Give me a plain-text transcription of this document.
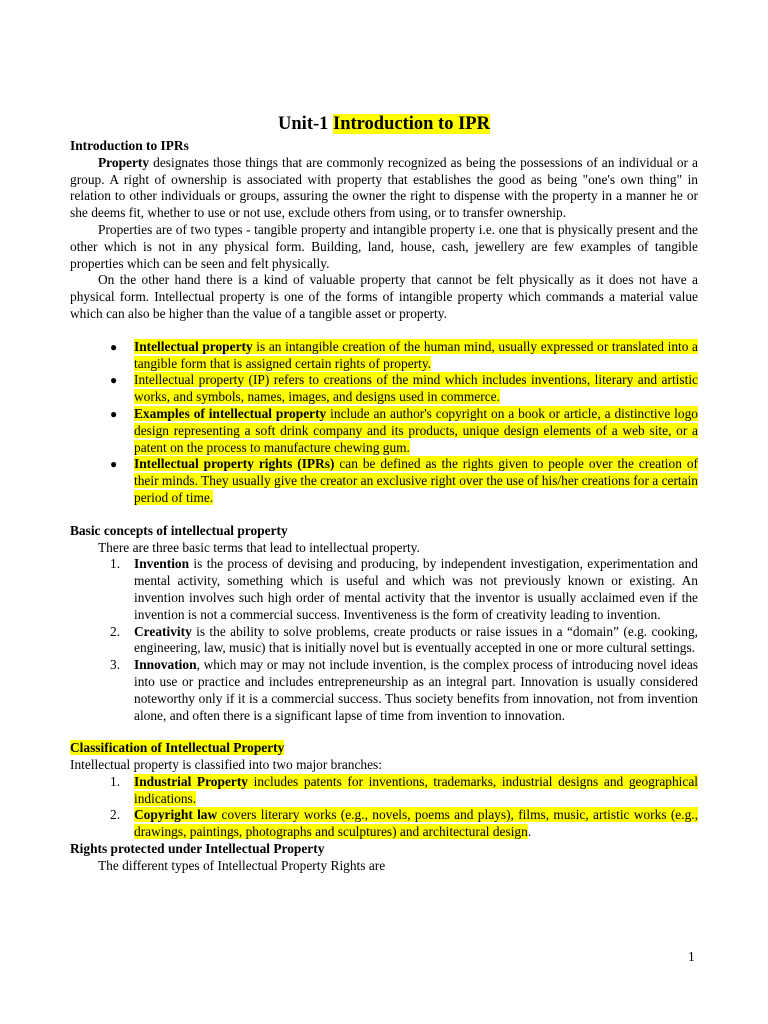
Unit-1 Introduction to IPR

Introduction to IPRs

Property designates those things that are commonly recognized as being the possessions of an individual or a group. A right of ownership is associated with property that establishes the good as being "one's own thing" in relation to other individuals or groups, assuring the owner the right to dispense with the property in a manner he or she deems fit, whether to use or not use, exclude others from using, or to transfer ownership.

Properties are of two types - tangible property and intangible property i.e. one that is physically present and the other which is not in any physical form. Building, land, house, cash, jewellery are few examples of tangible properties which can be seen and felt physically.

On the other hand there is a kind of valuable property that cannot be felt physically as it does not have a physical form. Intellectual property is one of the forms of intangible property which commands a material value which can also be higher than the value of a tangible asset or property.

● Intellectual property is an intangible creation of the human mind, usually expressed or translated into a tangible form that is assigned certain rights of property.
● Intellectual property (IP) refers to creations of the mind which includes inventions, literary and artistic works, and symbols, names, images, and designs used in commerce.
● Examples of intellectual property include an author's copyright on a book or article, a distinctive logo design representing a soft drink company and its products, unique design elements of a web site, or a patent on the process to manufacture chewing gum.
● Intellectual property rights (IPRs) can be defined as the rights given to people over the creation of their minds. They usually give the creator an exclusive right over the use of his/her creations for a certain period of time.

Basic concepts of intellectual property

There are three basic terms that lead to intellectual property.

1. Invention is the process of devising and producing, by independent investigation, experimentation and mental activity, something which is useful and which was not previously known or existing. An invention involves such high order of mental activity that the inventor is usually acclaimed even if the invention is not a commercial success. Inventiveness is the form of creativity leading to invention.
2. Creativity is the ability to solve problems, create products or raise issues in a “domain” (e.g. cooking, engineering, law, music) that is initially novel but is eventually accepted in one or more cultural settings.
3. Innovation, which may or may not include invention, is the complex process of introducing novel ideas into use or practice and includes entrepreneurship as an integral part. Innovation is usually considered noteworthy only if it is a commercial success. Thus society benefits from innovation, not from invention alone, and often there is a significant lapse of time from invention to innovation.

Classification of Intellectual Property

Intellectual property is classified into two major branches:

1. Industrial Property includes patents for inventions, trademarks, industrial designs and geographical indications.
2. Copyright law covers literary works (e.g., novels, poems and plays), films, music, artistic works (e.g., drawings, paintings, photographs and sculptures) and architectural design.

Rights protected under Intellectual Property

The different types of Intellectual Property Rights are

1
